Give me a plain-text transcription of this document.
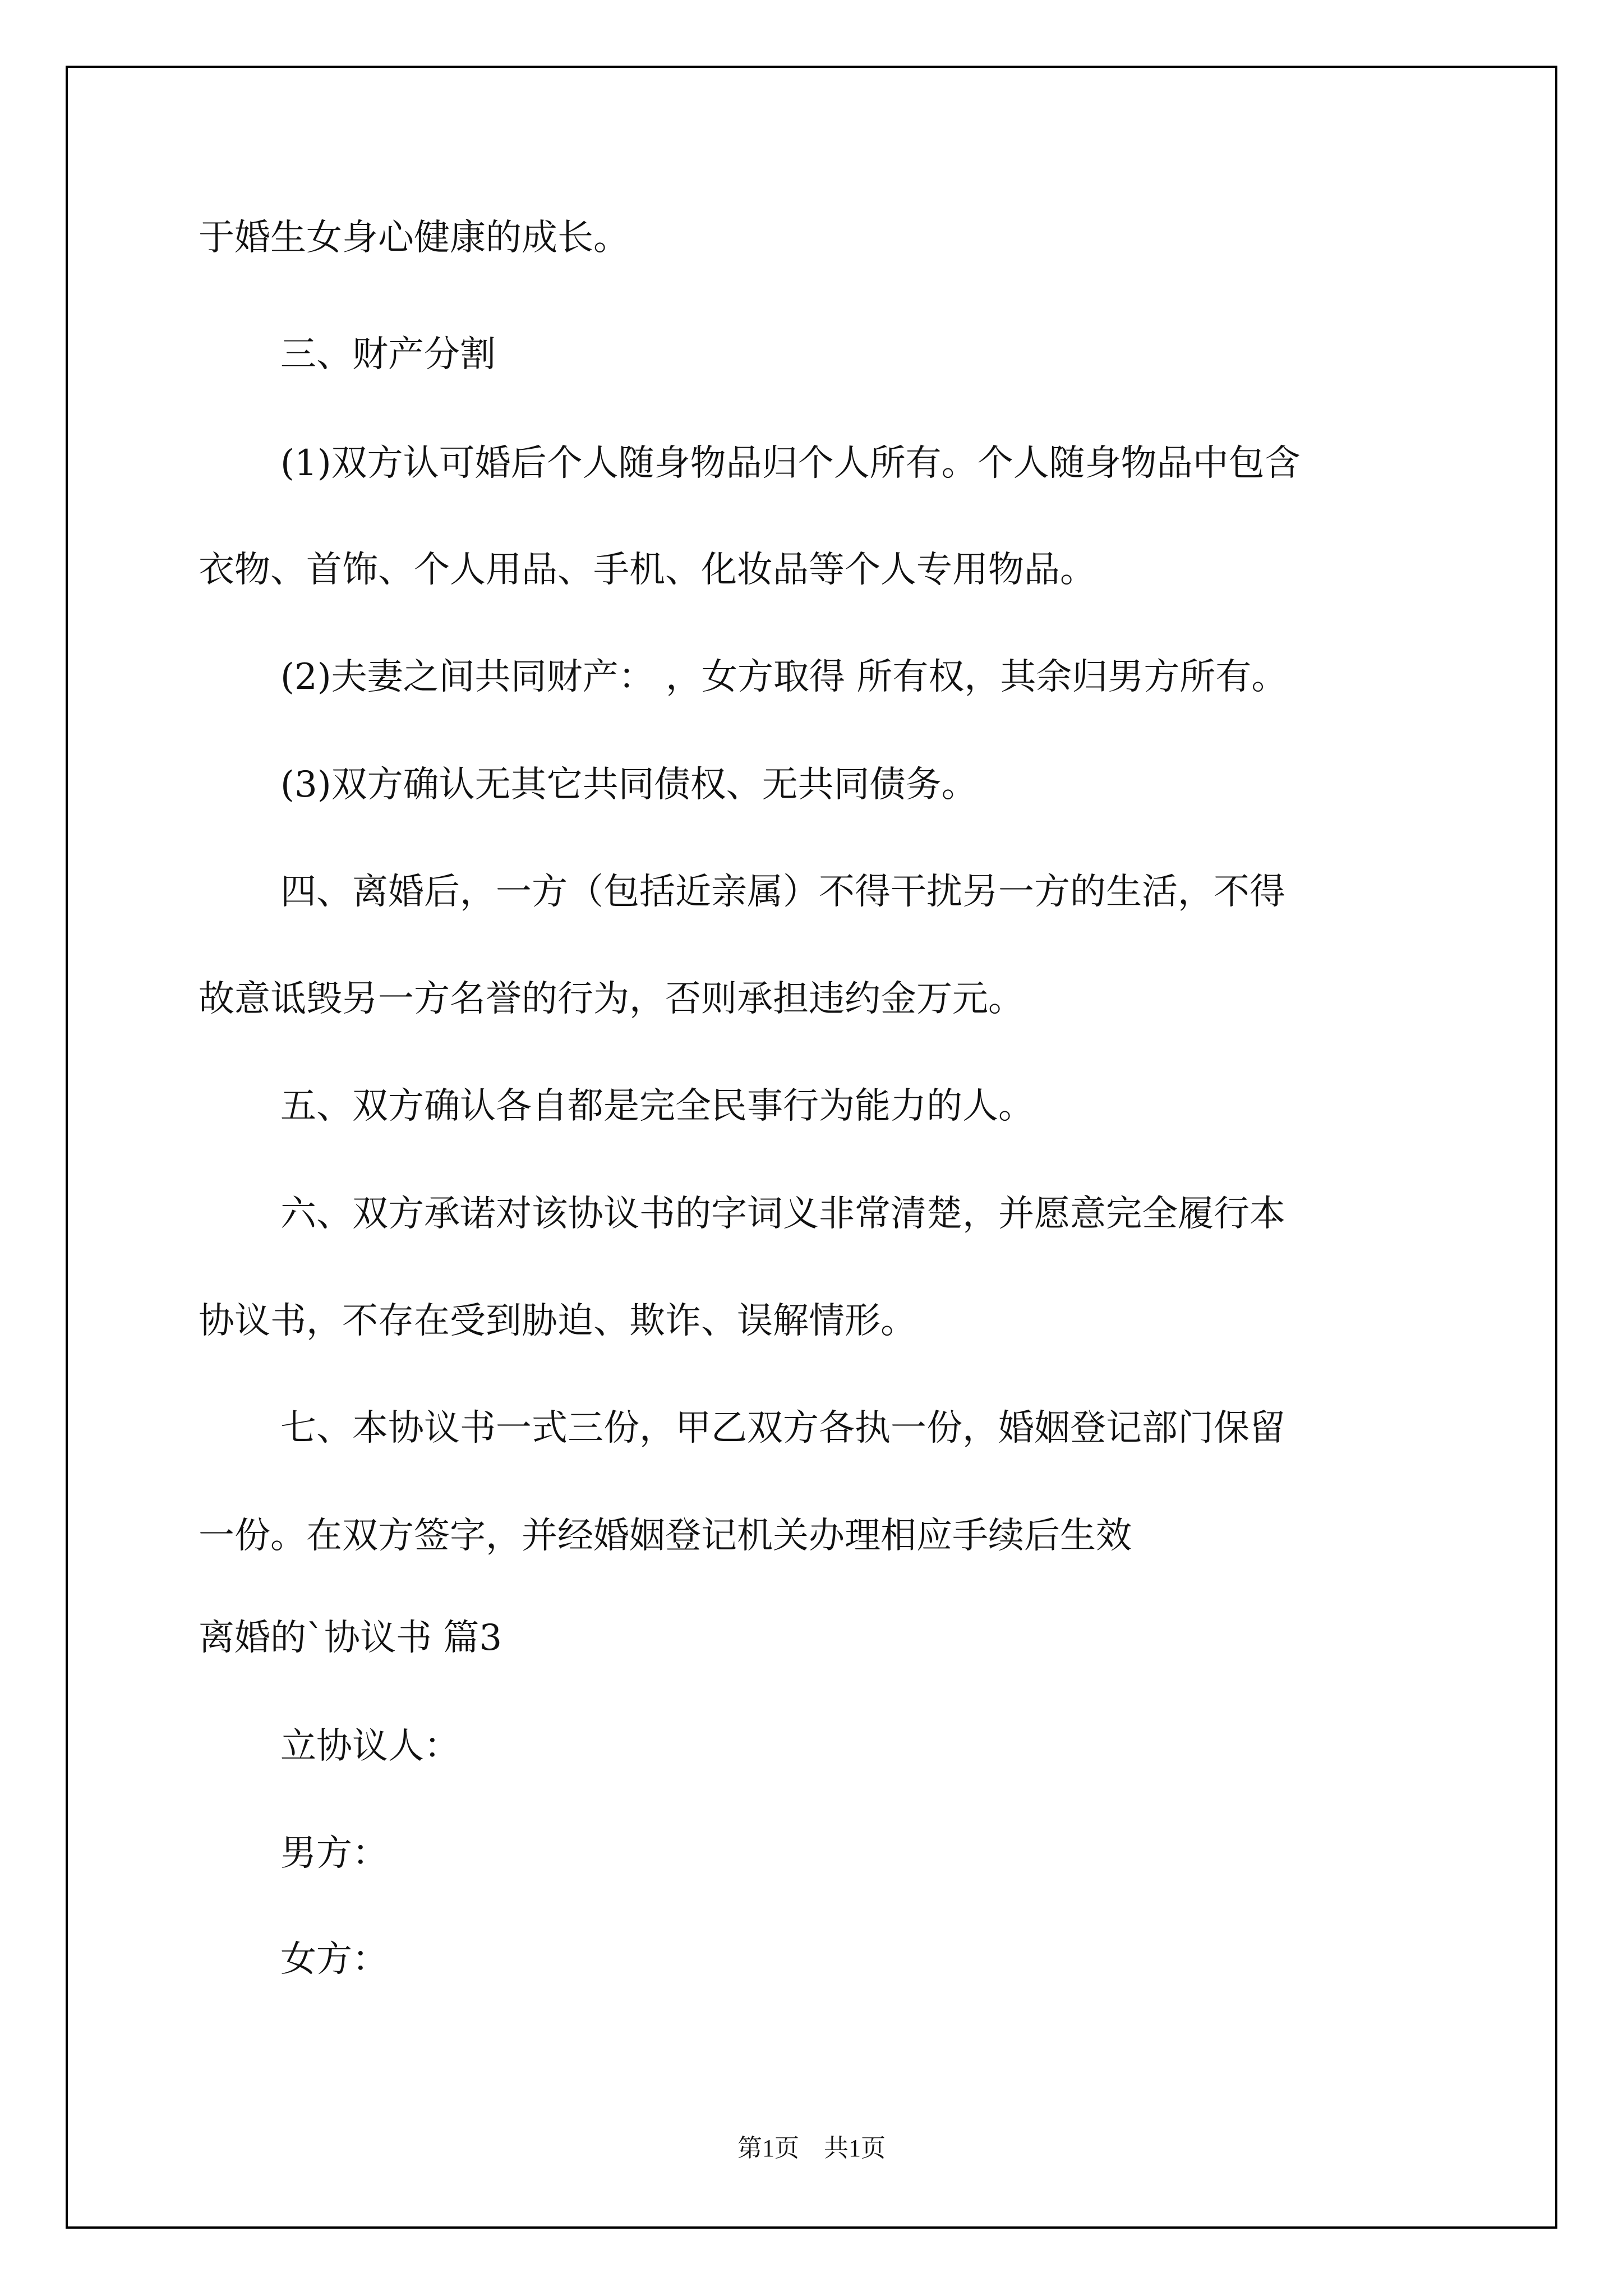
于婚生女身心健康的成长。

三、财产分割

(1)双方认可婚后个人随身物品归个人所有。个人随身物品中包含

衣物、首饰、个人用品、手机、化妆品等个人专用物品。

(2)夫妻之间共同财产： ，女方取得 所有权，其余归男方所有。

(3)双方确认无其它共同债权、无共同债务。

四、离婚后，一方（包括近亲属）不得干扰另一方的生活，不得

故意诋毁另一方名誉的行为，否则承担违约金万元。

五、双方确认各自都是完全民事行为能力的人。

六、双方承诺对该协议书的字词义非常清楚，并愿意完全履行本

协议书，不存在受到胁迫、欺诈、误解情形。

七、本协议书一式三份，甲乙双方各执一份，婚姻登记部门保留

一份。在双方签字，并经婚姻登记机关办理相应手续后生效

离婚的`协议书 篇3

立协议人：

男方：

女方：

第1页 共1页
